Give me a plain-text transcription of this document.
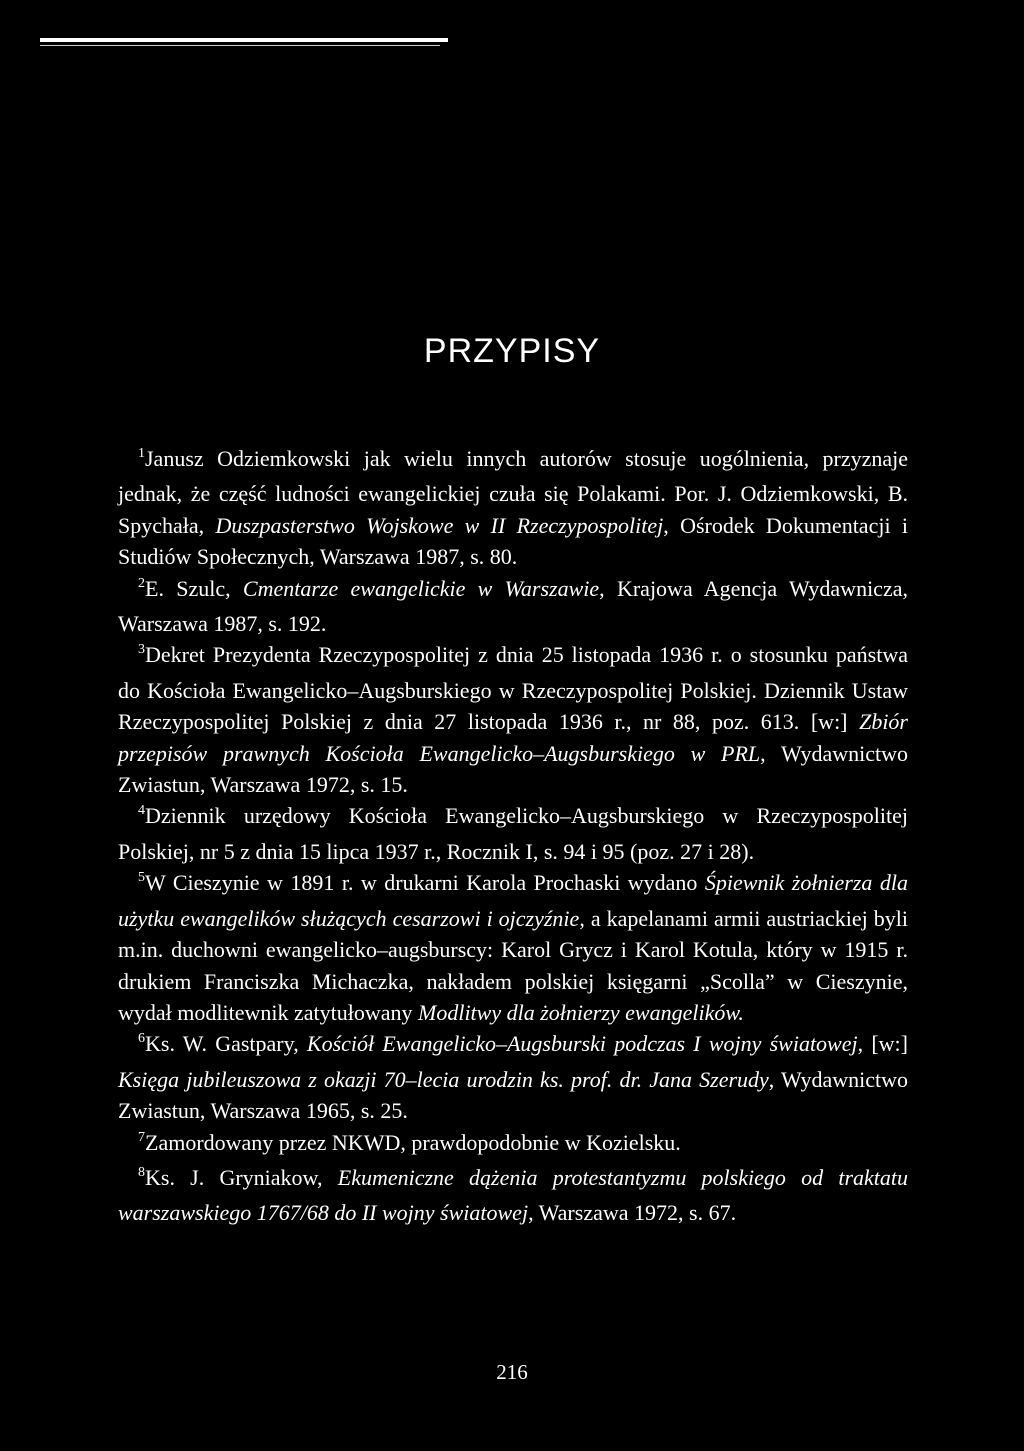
PRZYPISY

$^1$Janusz Odziemkowski jak wielu innych autorów stosuje uogólnienia, przyznaje jednak, że część ludności ewangelickiej czuła się Polakami. Por. J. Odziemkowski, B. Spychała, Duszpasterstwo Wojskowe w II Rzeczypospolitej, Ośrodek Dokumentacji i Studiów Społecznych, Warszawa 1987, s. 80.

$^2$E. Szulc, Cmentarze ewangelickie w Warszawie, Krajowa Agencja Wydawnicza, Warszawa 1987, s. 192.

$^3$Dekret Prezydenta Rzeczypospolitej z dnia 25 listopada 1936 r. o stosunku państwa do Kościoła Ewangelicko–Augsburskiego w Rzeczypospolitej Polskiej. Dziennik Ustaw Rzeczypospolitej Polskiej z dnia 27 listopada 1936 r., nr 88, poz. 613. [w:] Zbiór przepisów prawnych Kościoła Ewangelicko–Augsburskiego w PRL, Wydawnictwo Zwiastun, Warszawa 1972, s. 15.

$^4$Dziennik urzędowy Kościoła Ewangelicko–Augsburskiego w Rzeczypospolitej Polskiej, nr 5 z dnia 15 lipca 1937 r., Rocznik I, s. 94 i 95 (poz. 27 i 28).

$^5$W Cieszynie w 1891 r. w drukarni Karola Prochaski wydano Śpiewnik żołnierza dla użytku ewangelików służących cesarzowi i ojczyźnie, a kapelanami armii austriackiej byli m.in. duchowni ewangelicko–augsburscy: Karol Grycz i Karol Kotula, który w 1915 r. drukiem Franciszka Michaczka, nakładem polskiej księgarni „Scolla” w Cieszynie, wydał modlitewnik zatytułowany Modlitwy dla żołnierzy ewangelików.

$^6$Ks. W. Gastpary, Kościół Ewangelicko–Augsburski podczas I wojny światowej, [w:] Księga jubileuszowa z okazji 70–lecia urodzin ks. prof. dr. Jana Szerudy, Wydawnictwo Zwiastun, Warszawa 1965, s. 25.

$^7$Zamordowany przez NKWD, prawdopodobnie w Kozielsku.

$^8$Ks. J. Gryniakow, Ekumeniczne dążenia protestantyzmu polskiego od traktatu warszawskiego 1767/68 do II wojny światowej, Warszawa 1972, s. 67.

216
